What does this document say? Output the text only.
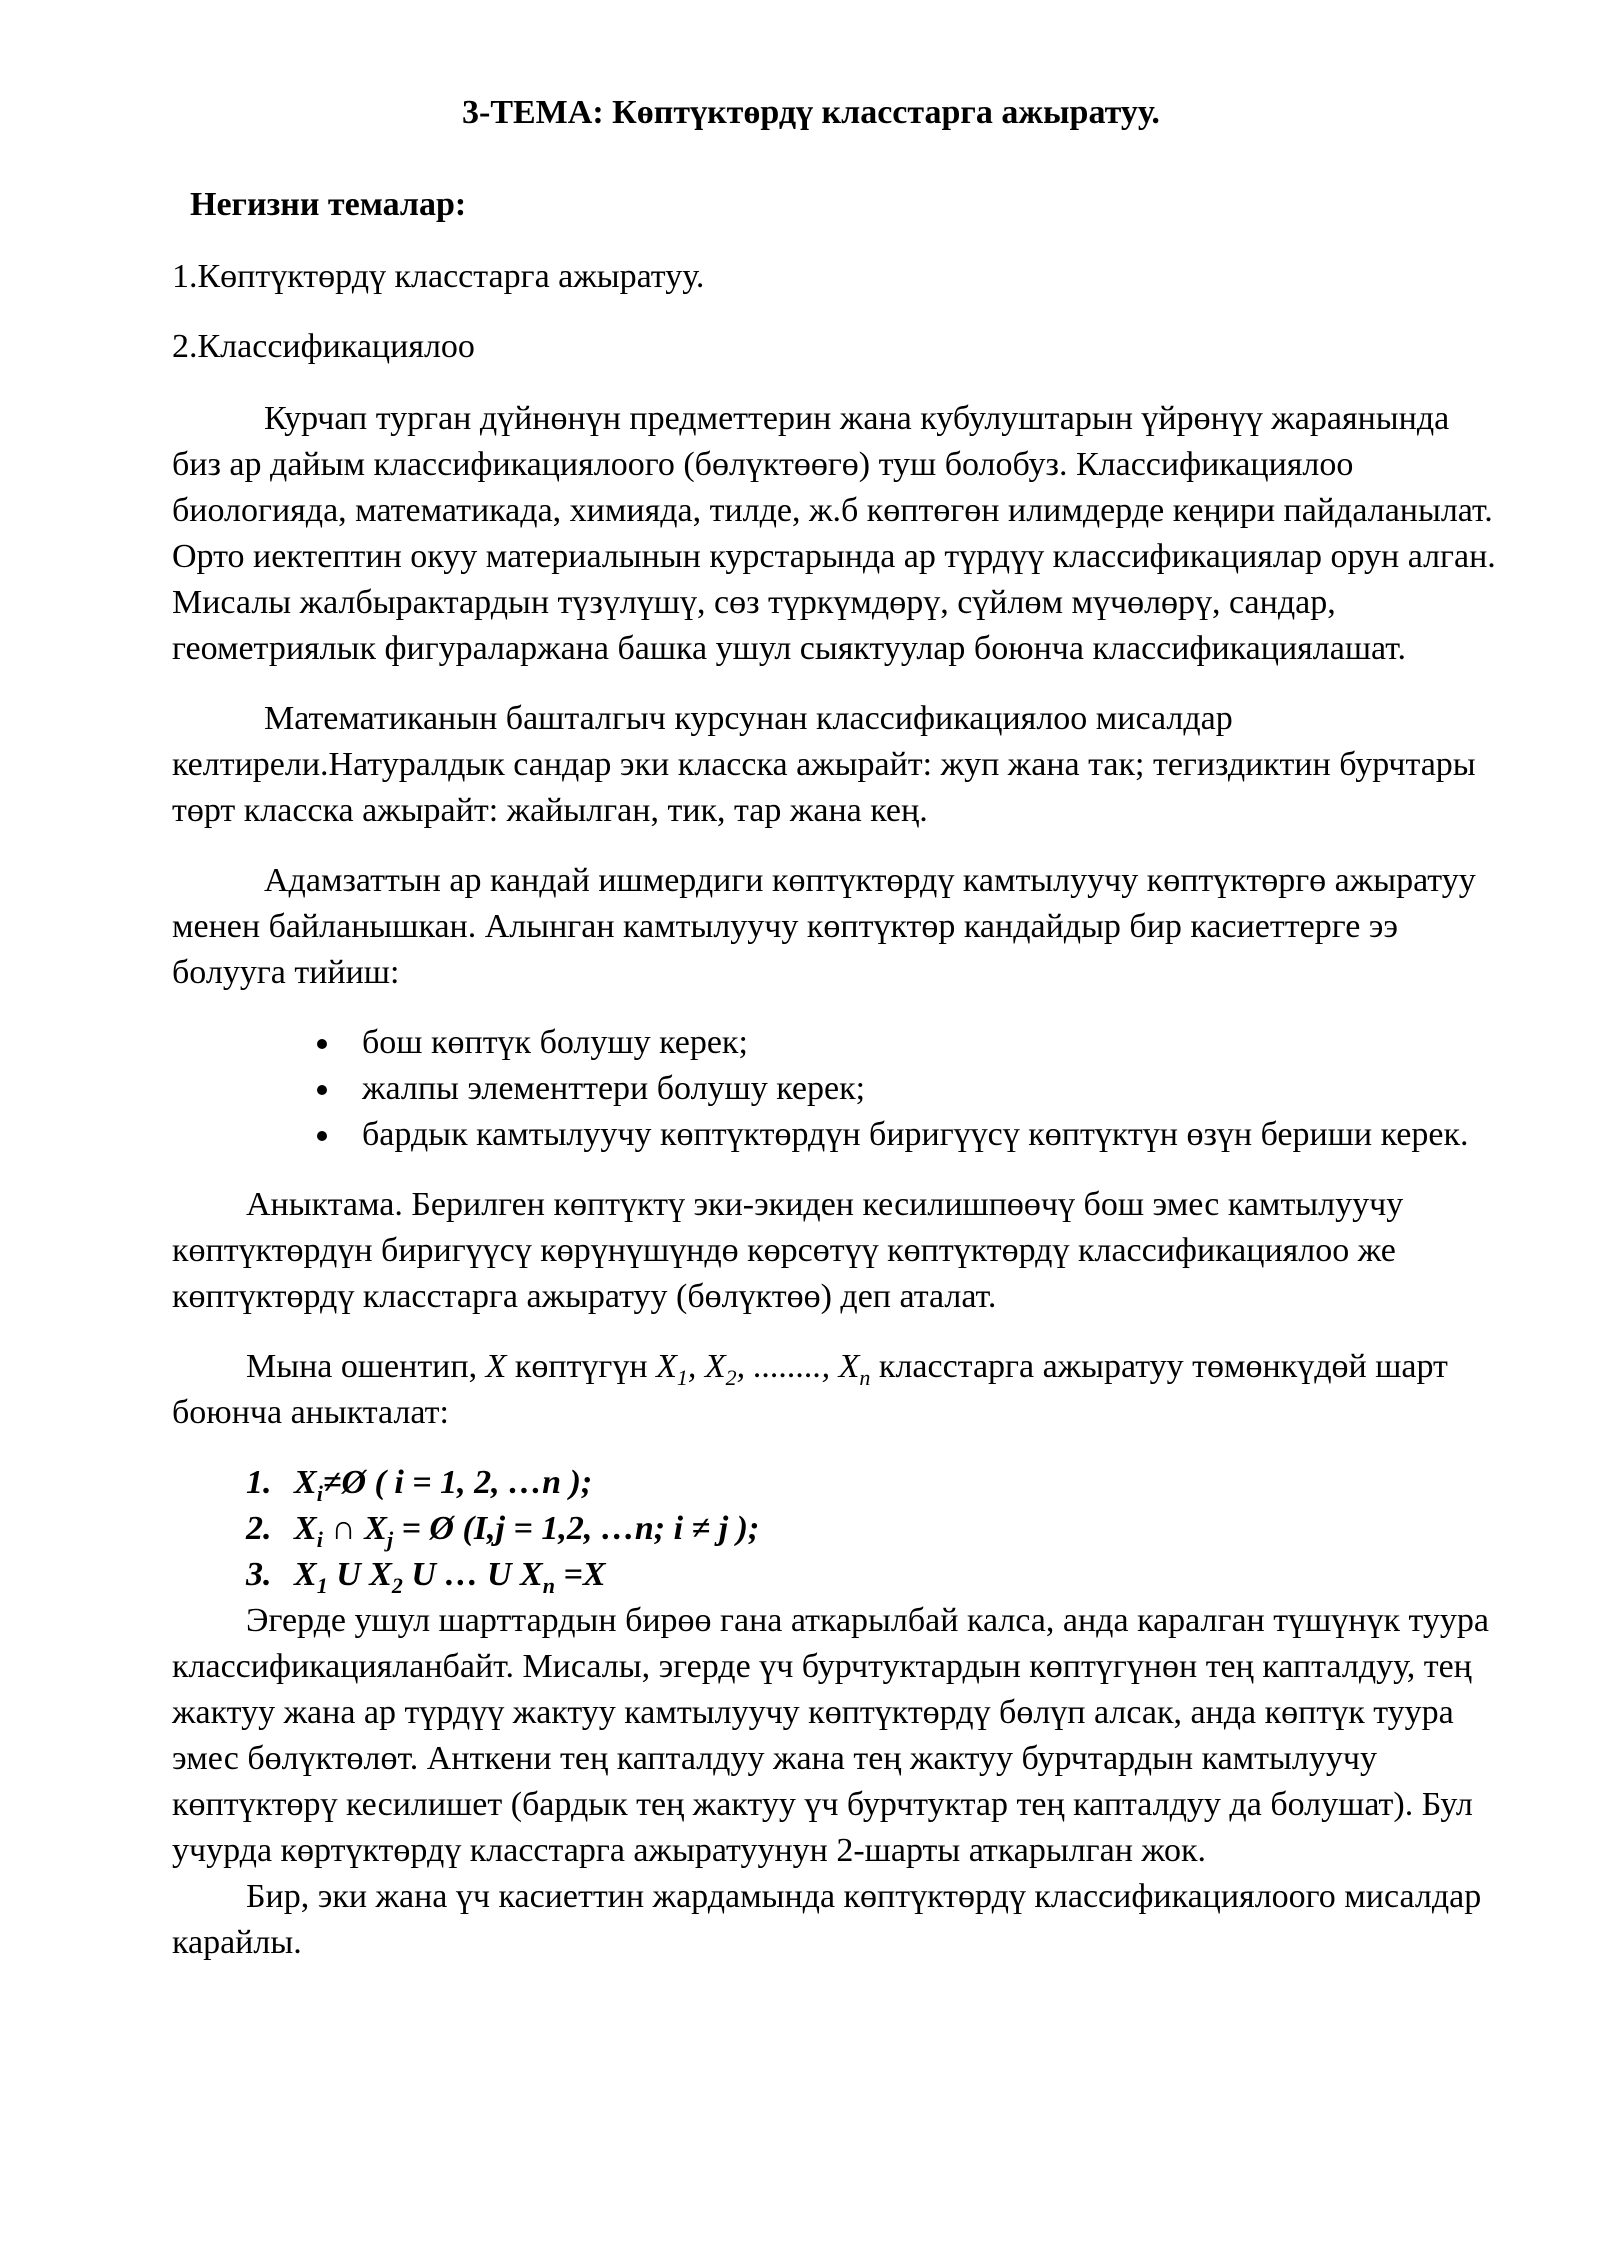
3-ТЕМА: Көптүктөрдү класстарга ажыратуу.
Негизни темалар:
1.Көптүктөрдү класстарга ажыратуу.
2.Классификациялоо

Курчап турган дүйнөнүн предметтерин жана кубулуштарын үйрөнүү жараянында биз ар дайым классификациялоого (бөлүктөөгө) туш болобуз. Классификациялоо биологияда, математикада, химияда, тилде, ж.б көптөгөн илимдерде кеңири пайдаланылат. Орто иектептин окуу материалынын курстарында ар түрдүү классификациялар орун алган. Мисалы жалбырактардын түзүлүшү, сөз түркүмдөрү, сүйлөм мүчөлөрү, сандар, геометриялык фигураларжана башка ушул сыяктуулар боюнча классификациялашат.

Математиканын башталгыч курсунан классификациялоо мисалдар келтирели.Натуралдык сандар эки класска ажырайт: жуп жана так; тегиздиктин бурчтары төрт класска ажырайт: жайылган, тик, тар жана кең.

Адамзаттын ар кандай ишмердиги көптүктөрдү камтылуучу көптүктөргө ажыратуу менен байланышкан. Алынган камтылуучу көптүктөр кандайдыр бир касиеттерге ээ болууга тийиш:

бош көптүк болушу керек;
жалпы элементтери болушу керек;
бардык камтылуучу көптүктөрдүн биригүүсү көптүктүн өзүн бериши керек.

Аныктама. Берилген көптүктү эки-экиден кесилишпөөчү бош эмес камтылуучу көптүктөрдүн биригүүсү көрүнүшүндө көрсөтүү көптүктөрдү классификациялоо же көптүктөрдү класстарга ажыратуу (бөлүктөө) деп аталат.

Мына ошентип, X көптүгүн $X_1$, $X_2$, ........, $X_n$ класстарга ажыратуу төмөнкүдөй шарт боюнча аныкталат:

1. $X_i\ne Ø$ ( i = 1, 2, …n );
2. $X_i$ ∩ $X_j$ = Ø (I,j = 1,2, …n; i ≠ j );
3. $X_1$ U $X_2$ U … U $X_n =X$

Эгерде ушул шарттардын бирөө гана аткарылбай калса, анда каралган түшүнүк туура классификацияланбайт. Мисалы, эгерде үч бурчтуктардын көптүгүнөн тең капталдуу, тең жактуу жана ар түрдүү жактуу камтылуучу көптүктөрдү бөлүп алсак, анда көптүк туура эмес бөлүктөлөт. Анткени тең капталдуу жана тең жактуу бурчтардын камтылуучу көптүктөрү кесилишет (бардык тең жактуу үч бурчтуктар тең капталдуу да болушат). Бул учурда көртүктөрдү класстарга ажыратуунун 2-шарты аткарылган жок.

Бир, эки жана үч касиеттин жардамында көптүктөрдү классификациялоого мисалдар карайлы.
